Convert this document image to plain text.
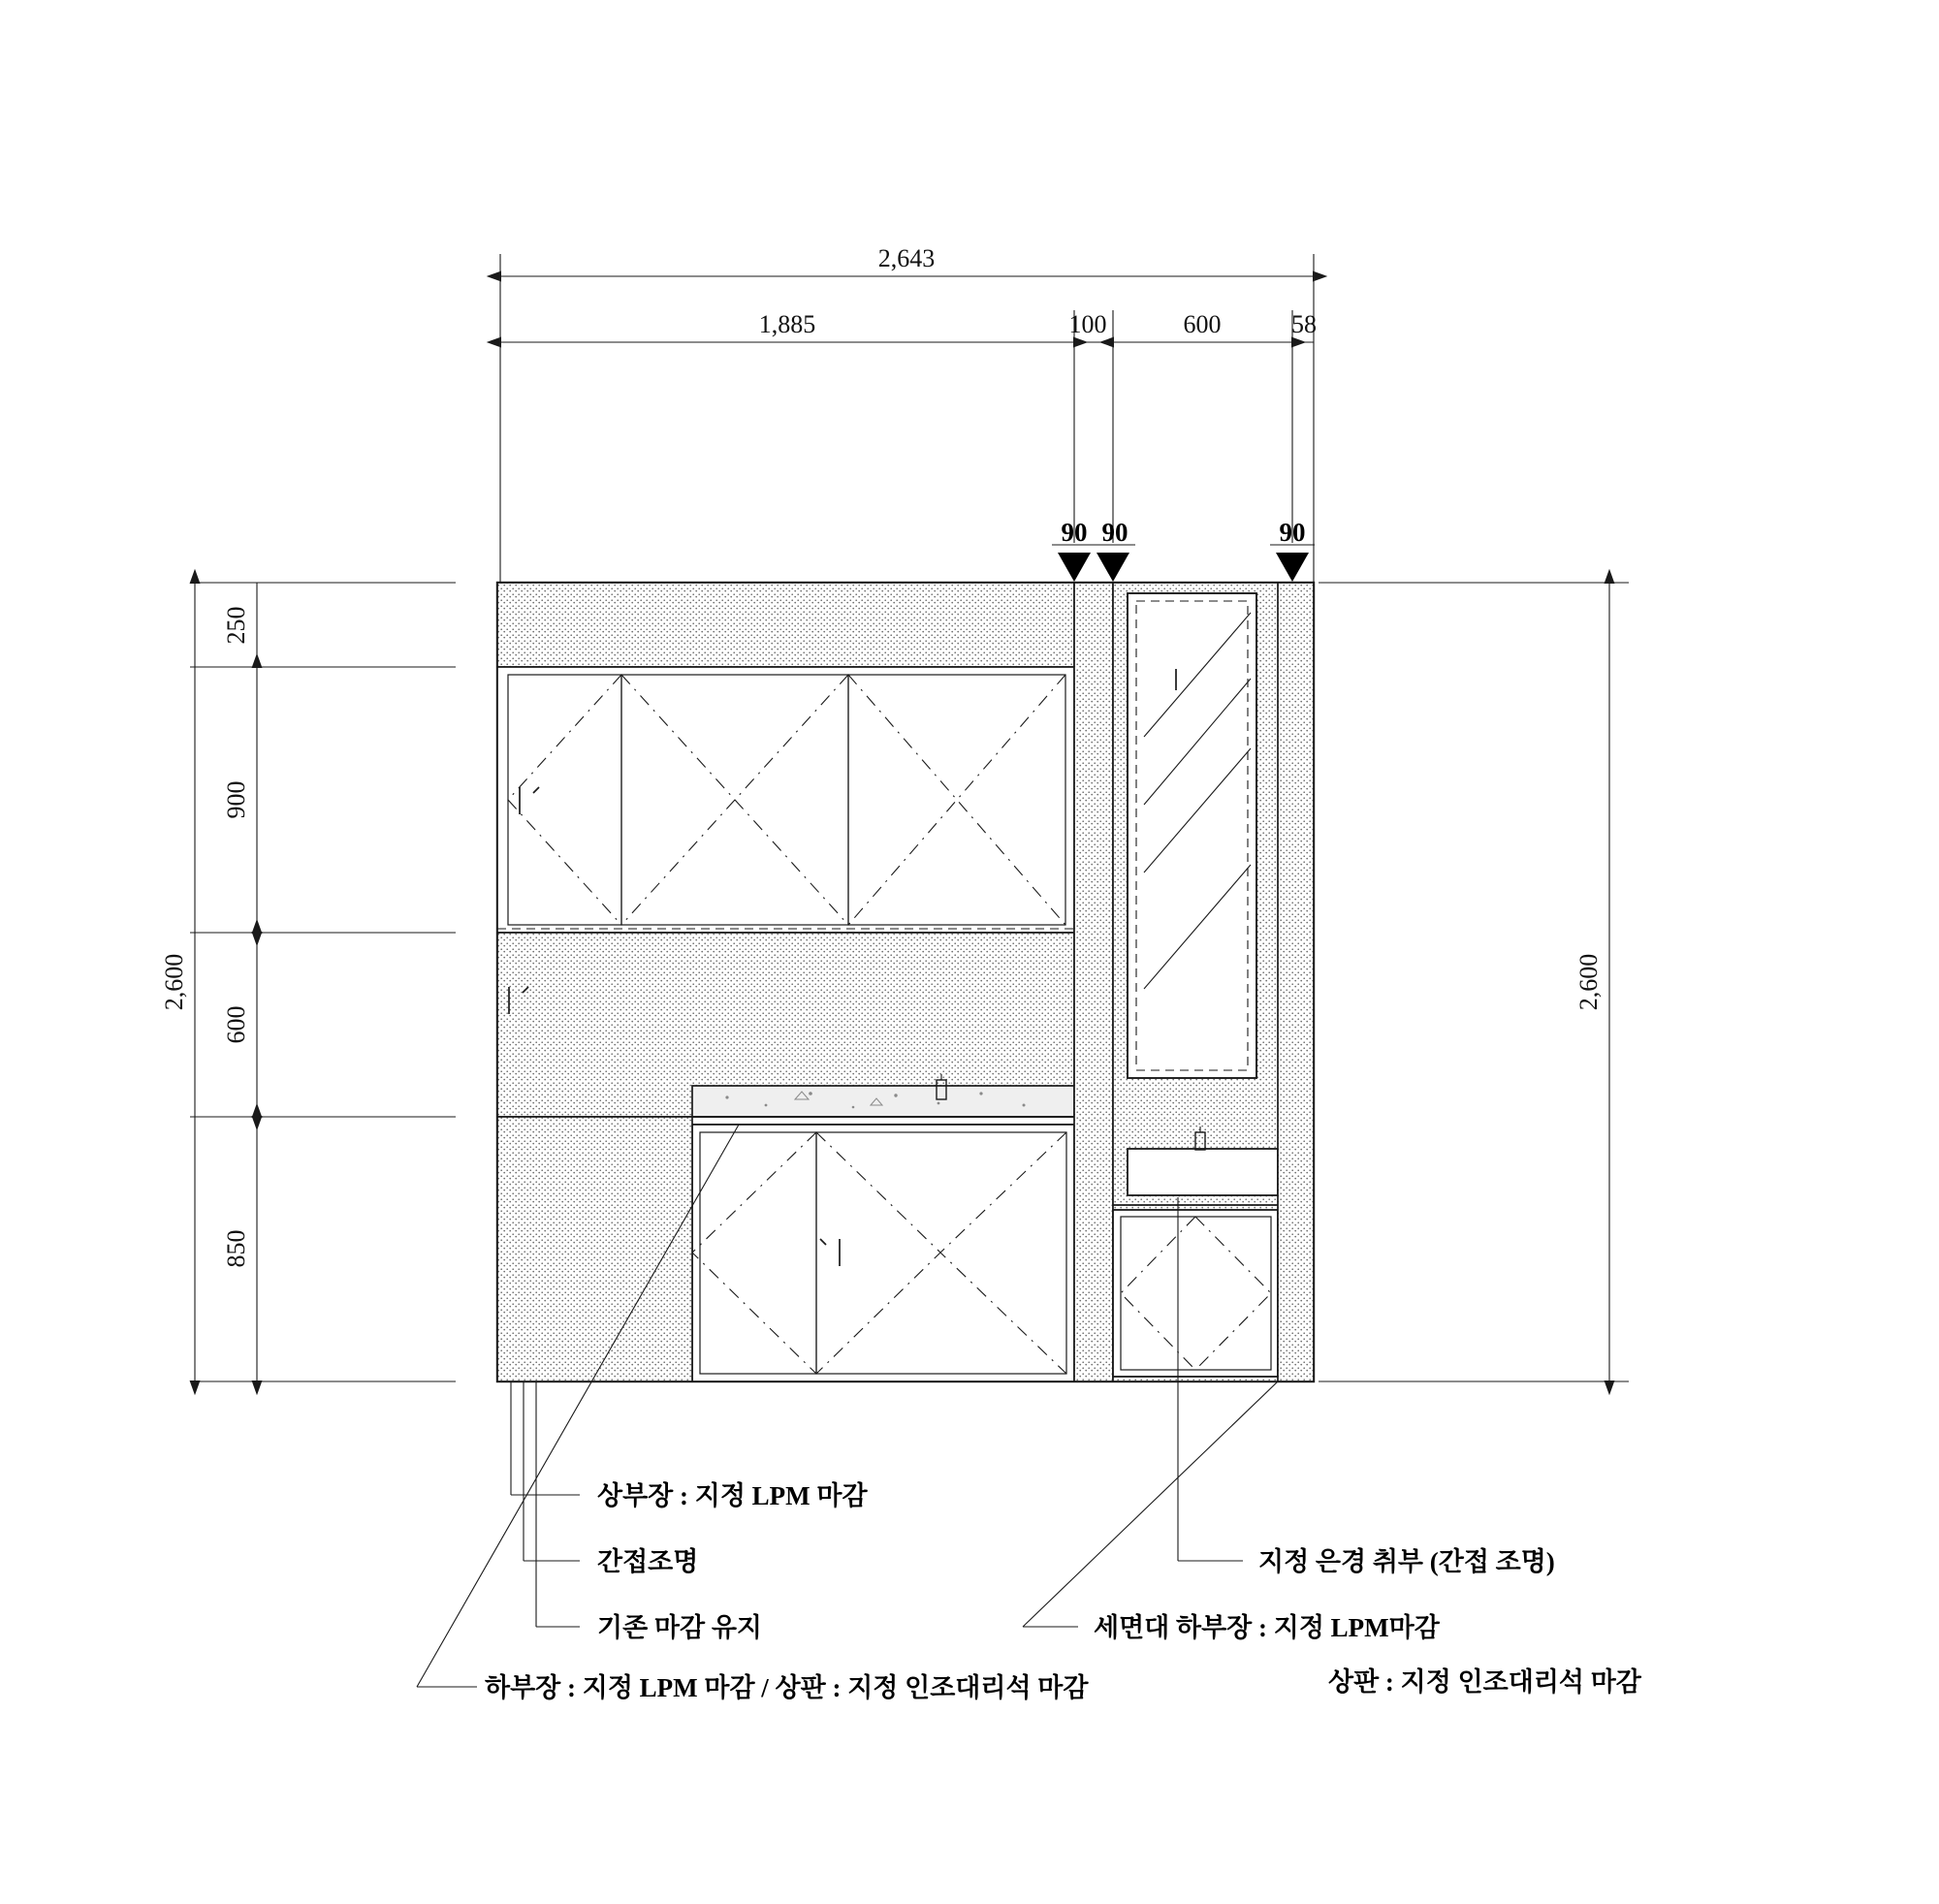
2,643
1,885	100	600	58
90 90	90
2,600
250
900
600
850
2,600
상부장 : 지정 LPM 마감
간접조명
기존 마감 유지
하부장 : 지정 LPM 마감 / 상판 : 지정 인조대리석 마감
지정 은경 취부 (간접 조명)
세면대 하부장 : 지정 LPM마감
상판 : 지정 인조대리석 마감
